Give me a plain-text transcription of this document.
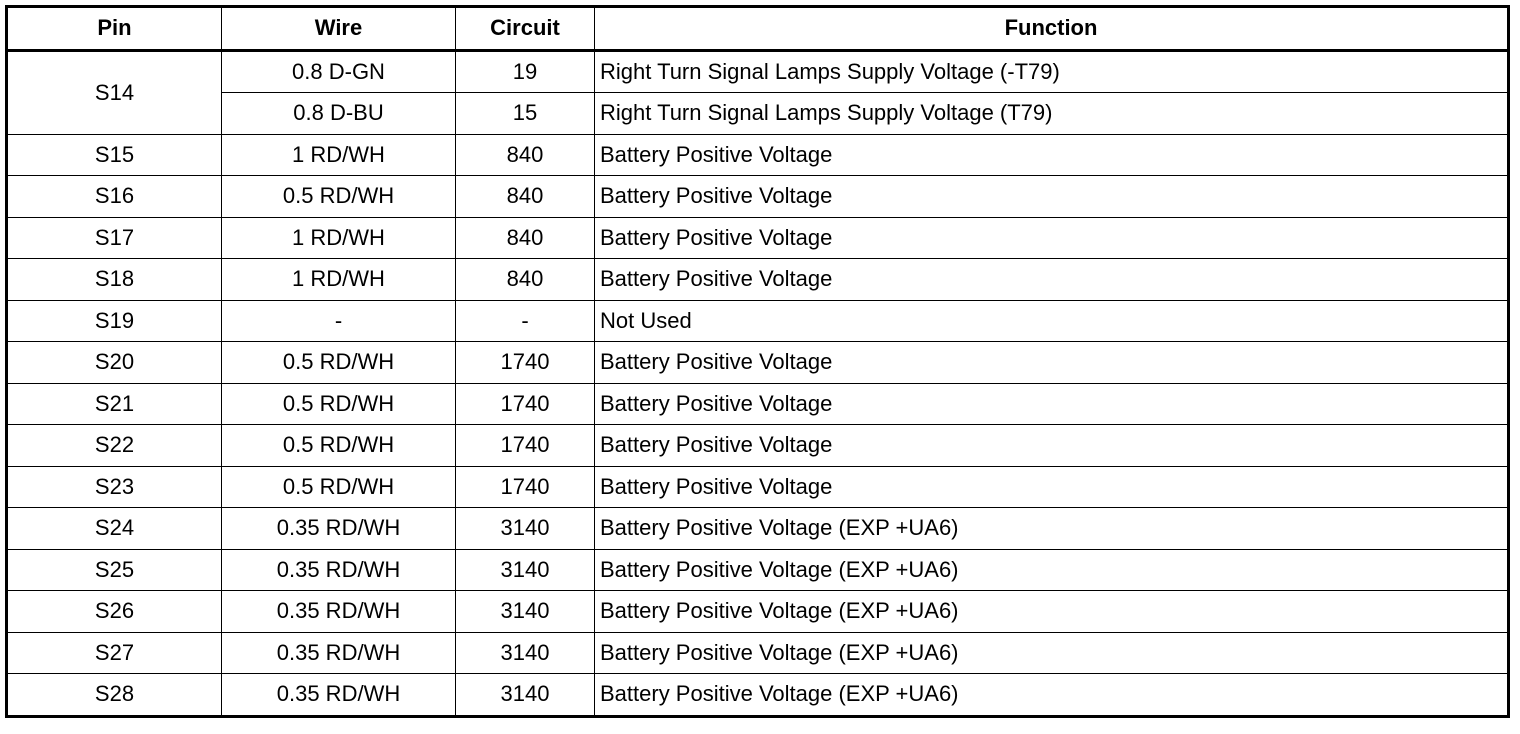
Pin	Wire	Circuit	Function
S14	0.8 D-GN	19	Right Turn Signal Lamps Supply Voltage (-T79)
	0.8 D-BU	15	Right Turn Signal Lamps Supply Voltage (T79)
S15	1 RD/WH	840	Battery Positive Voltage
S16	0.5 RD/WH	840	Battery Positive Voltage
S17	1 RD/WH	840	Battery Positive Voltage
S18	1 RD/WH	840	Battery Positive Voltage
S19	-	-	Not Used
S20	0.5 RD/WH	1740	Battery Positive Voltage
S21	0.5 RD/WH	1740	Battery Positive Voltage
S22	0.5 RD/WH	1740	Battery Positive Voltage
S23	0.5 RD/WH	1740	Battery Positive Voltage
S24	0.35 RD/WH	3140	Battery Positive Voltage (EXP +UA6)
S25	0.35 RD/WH	3140	Battery Positive Voltage (EXP +UA6)
S26	0.35 RD/WH	3140	Battery Positive Voltage (EXP +UA6)
S27	0.35 RD/WH	3140	Battery Positive Voltage (EXP +UA6)
S28	0.35 RD/WH	3140	Battery Positive Voltage (EXP +UA6)
